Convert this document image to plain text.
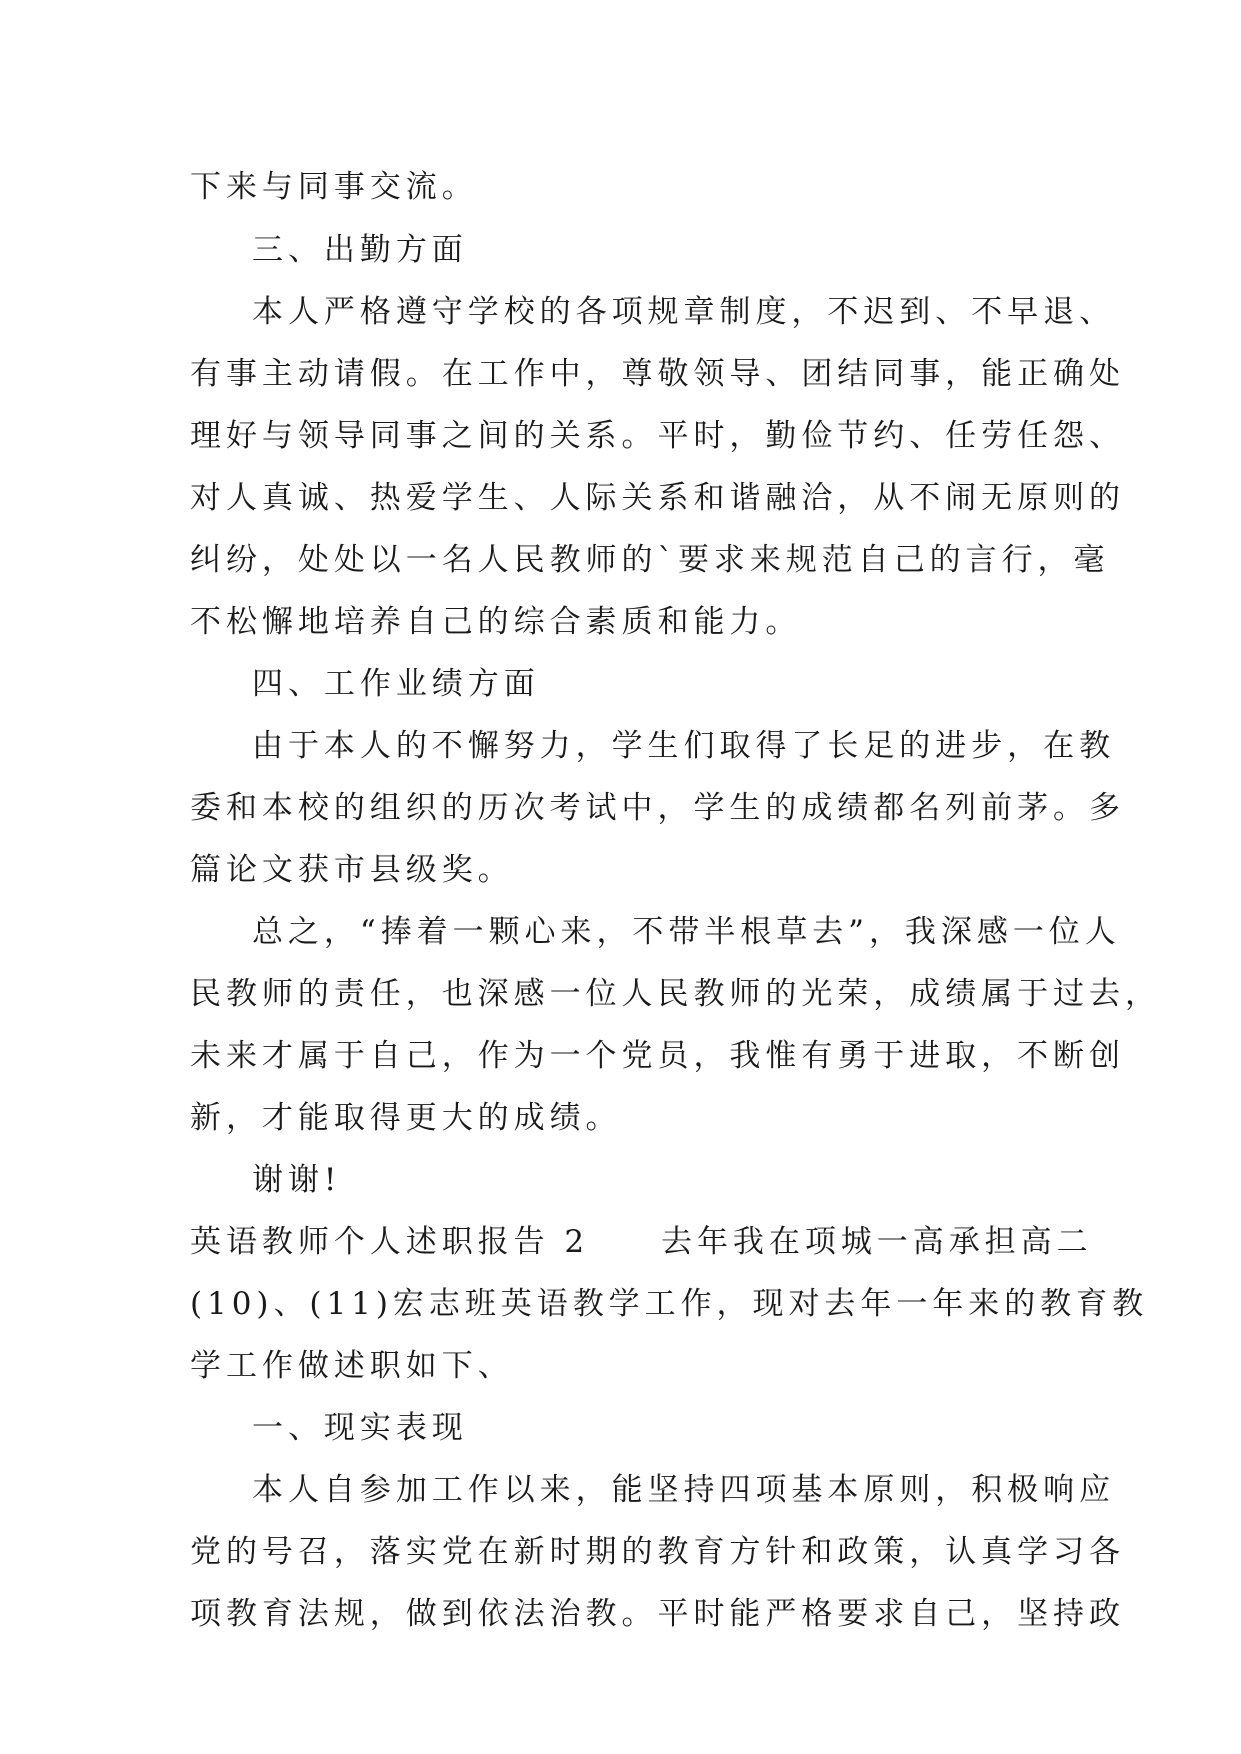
下来与同事交流。
三、出勤方面
本人严格遵守学校的各项规章制度，不迟到、不早退、
有事主动请假。在工作中，尊敬领导、团结同事，能正确处
理好与领导同事之间的关系。平时，勤俭节约、任劳任怨、
对人真诚、热爱学生、人际关系和谐融洽，从不闹无原则的
纠纷，处处以一名人民教师的`要求来规范自己的言行，毫
不松懈地培养自己的综合素质和能力。
四、工作业绩方面
由于本人的不懈努力，学生们取得了长足的进步，在教
委和本校的组织的历次考试中，学生的成绩都名列前茅。多
篇论文获市县级奖。
总之，“捧着一颗心来，不带半根草去”，我深感一位人
民教师的责任，也深感一位人民教师的光荣，成绩属于过去，
未来才属于自己，作为一个党员，我惟有勇于进取，不断创
新，才能取得更大的成绩。
谢谢!
英语教师个人述职报告 2　　去年我在项城一高承担高二
(10)、(11)宏志班英语教学工作，现对去年一年来的教育教
学工作做述职如下、
一、现实表现
本人自参加工作以来，能坚持四项基本原则，积极响应
党的号召，落实党在新时期的教育方针和政策，认真学习各
项教育法规，做到依法治教。平时能严格要求自己，坚持政
